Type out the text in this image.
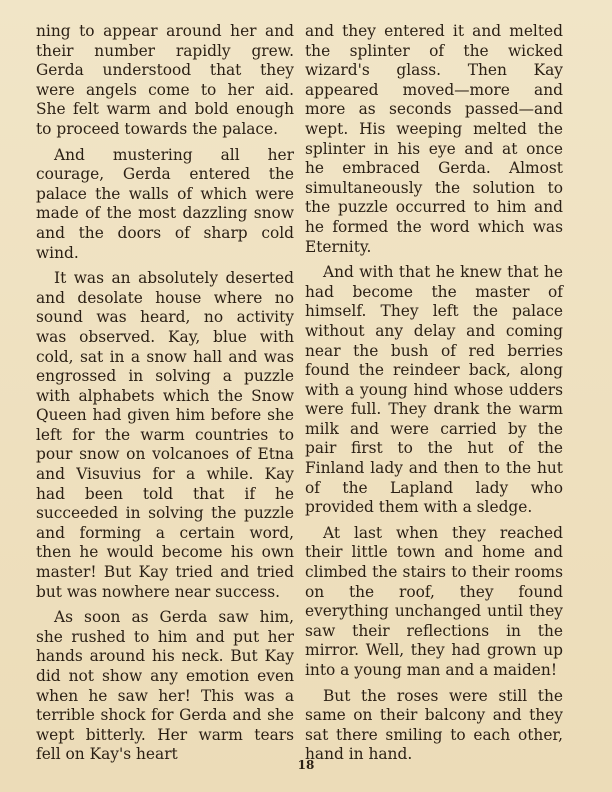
ning to appear around her and their number rapidly grew. Gerda understood that they were angels come to her aid. She felt warm and bold enough to proceed towards the palace.

And mustering all her courage, Gerda entered the palace the walls of which were made of the most dazzling snow and the doors of sharp cold wind.

It was an absolutely deserted and desolate house where no sound was heard, no activity was observed. Kay, blue with cold, sat in a snow hall and was engrossed in solving a puzzle with alphabets which the Snow Queen had given him before she left for the warm countries to pour snow on volcanoes of Etna and Visuvius for a while. Kay had been told that if he succeeded in solving the puzzle and forming a certain word, then he would become his own master! But Kay tried and tried but was nowhere near success.

As soon as Gerda saw him, she rushed to him and put her hands around his neck. But Kay did not show any emotion even when he saw her! This was a terrible shock for Gerda and she wept bitterly. Her warm tears fell on Kay's heart

and they entered it and melted the splinter of the wicked wizard's glass. Then Kay appeared moved—more and more as seconds passed—and wept. His weeping melted the splinter in his eye and at once he embraced Gerda. Almost simultaneously the solution to the puzzle occurred to him and he formed the word which was Eternity.

And with that he knew that he had become the master of himself. They left the palace without any delay and coming near the bush of red berries found the reindeer back, along with a young hind whose udders were full. They drank the warm milk and were carried by the pair first to the hut of the Finland lady and then to the hut of the Lapland lady who provided them with a sledge.

At last when they reached their little town and home and climbed the stairs to their rooms on the roof, they found everything unchanged until they saw their reflections in the mirror. Well, they had grown up into a young man and a maiden!

But the roses were still the same on their balcony and they sat there smiling to each other, hand in hand.

18
